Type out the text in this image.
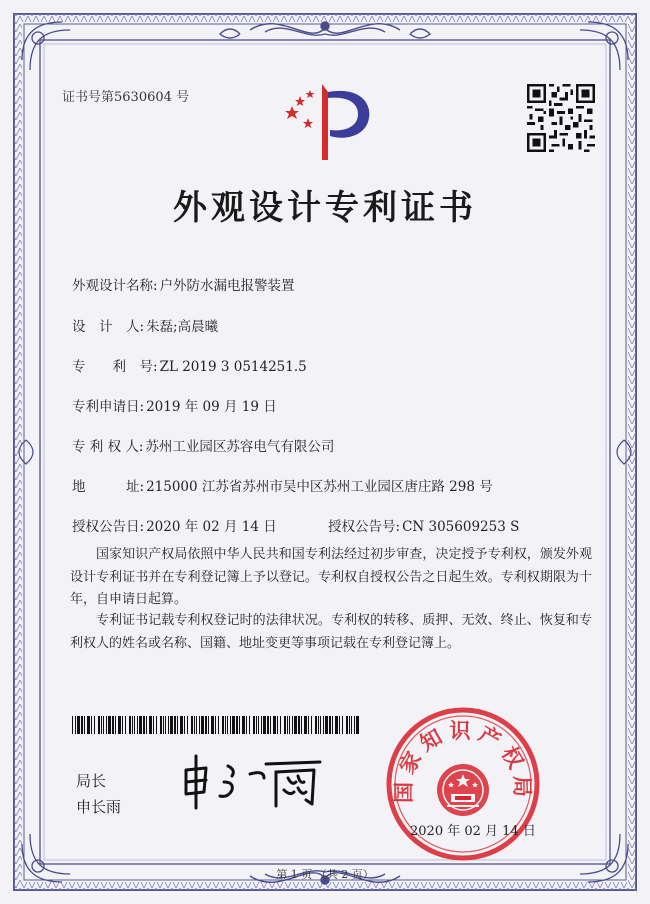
证书号第5630604 号
外观设计专利证书
外观设计名称: 户外防水漏电报警装置
设　计　人: 朱磊;高晨曦
专　　利　号: ZL 2019 3 0514251.5
专利申请日: 2019 年 09 月 19 日
专 利 权 人: 苏州工业园区苏容电气有限公司
地　　　址: 215000 江苏省苏州市吴中区苏州工业园区唐庄路 298 号
授权公告日: 2020 年 02 月 14 日	授权公告号: CN 305609253 S
国家知识产权局依照中华人民共和国专利法经过初步审查，决定授予专利权，颁发外观设计专利证书并在专利登记簿上予以登记。专利权自授权公告之日起生效。专利权期限为十年，自申请日起算。
专利证书记载专利权登记时的法律状况。专利权的转移、质押、无效、终止、恢复和专利权人的姓名或名称、国籍、地址变更等事项记载在专利登记簿上。
局长
申长雨
国家知识产权局
2020 年 02 月 14 日
第 1 页 （共 2 页）
